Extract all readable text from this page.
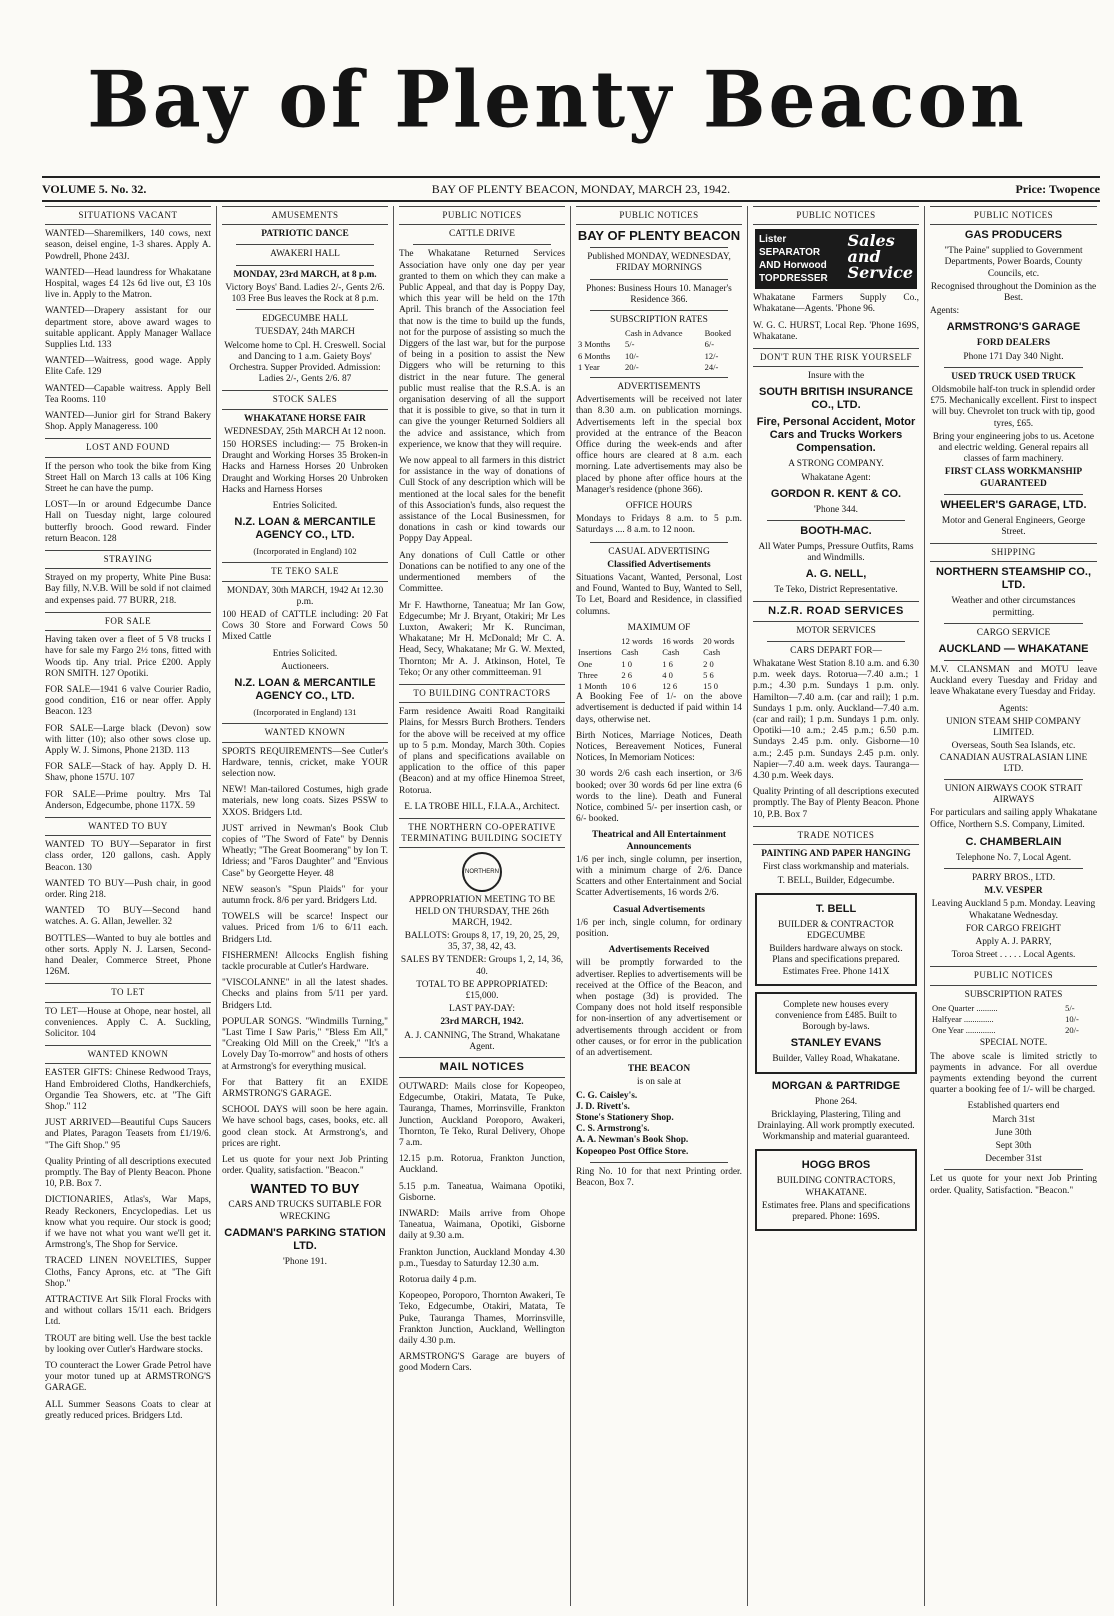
Bay of Plenty Beacon
VOLUME 5. No. 32.	BAY OF PLENTY BEACON, MONDAY, MARCH 23, 1942.	Price: Twopence
SITUATIONS VACANT

WANTED—Sharemilkers, 140 cows, next season, deisel engine, 1-3 shares. Apply A. Powdrell, Phone 243J.

WANTED—Head laundress for Whakatane Hospital, wages £4 12s 6d live out, £3 10s live in. Apply to the Matron.

WANTED—Drapery assistant for our department store, above award wages to suitable applicant. Apply Manager Wallace Supplies Ltd. 133

WANTED—Waitress, good wage. Apply Elite Cafe. 129

WANTED—Capable waitress. Apply Bell Tea Rooms. 110

WANTED—Junior girl for Strand Bakery Shop. Apply Manageress. 100

LOST AND FOUND

If the person who took the bike from King Street Hall on March 13 calls at 106 King Street he can have the pump.

LOST—In or around Edgecumbe Dance Hall on Tuesday night, large coloured butterfly brooch. Good reward. Finder return Beacon. 128

STRAYING

Strayed on my property, White Pine Busa: Bay filly, N.V.B. Will be sold if not claimed and expenses paid. 77 BURR, 218.

FOR SALE

Having taken over a fleet of 5 V8 trucks I have for sale my Fargo 2½ tons, fitted with Woods tip. Any trial. Price £200. Apply RON SMITH. 127 Opotiki.

FOR SALE—1941 6 valve Courier Radio, good condition, £16 or near offer. Apply Beacon. 123

FOR SALE—Large black (Devon) sow with litter (10); also other sows close up. Apply W. J. Simons, Phone 213D. 113

FOR SALE—Stack of hay. Apply D. H. Shaw, phone 157U. 107

FOR SALE—Prime poultry. Mrs Tal Anderson, Edgecumbe, phone 117X. 59

WANTED TO BUY

WANTED TO BUY—Separator in first class order, 120 gallons, cash. Apply Beacon. 130

WANTED TO BUY—Push chair, in good order. Ring 218.

WANTED TO BUY—Second hand watches. A. G. Allan, Jeweller. 32

BOTTLES—Wanted to buy ale bottles and other sorts. Apply N. J. Larsen, Second-hand Dealer, Commerce Street, Phone 126M.

TO LET

TO LET—House at Ohope, near hostel, all conveniences. Apply C. A. Suckling, Solicitor. 104

WANTED KNOWN

EASTER GIFTS: Chinese Redwood Trays, Hand Embroidered Cloths, Handkerchiefs, Organdie Tea Showers, etc. at "The Gift Shop." 112

JUST ARRIVED—Beautiful Cups Saucers and Plates, Paragon Teasets from £1/19/6. "The Gift Shop." 95

Quality Printing of all descriptions executed promptly. The Bay of Plenty Beacon. Phone 10, P.B. Box 7.

DICTIONARIES, Atlas's, War Maps, Ready Reckoners, Encyclopedias. Let us know what you require. Our stock is good; if we have not what you want we'll get it. Armstrong's, The Shop for Service.

TRACED LINEN NOVELTIES, Supper Cloths, Fancy Aprons, etc. at "The Gift Shop."

ATTRACTIVE Art Silk Floral Frocks with and without collars 15/11 each. Bridgers Ltd.

TROUT are biting well. Use the best tackle by looking over Cutler's Hardware stocks.

TO counteract the Lower Grade Petrol have your motor tuned up at ARMSTRONG'S GARAGE.

ALL Summer Seasons Coats to clear at greatly reduced prices. Bridgers Ltd.

AMUSEMENTS
PATRIOTIC DANCE
AWAKERI HALL
MONDAY, 23rd MARCH, at 8 p.m.
Victory Boys' Band. Ladies 2/-, Gents 2/6. 103 Free Bus leaves the Rock at 8 p.m.
EDGECUMBE HALL
TUESDAY, 24th MARCH
Welcome home to Cpl. H. Creswell. Social and Dancing to 1 a.m. Gaiety Boys' Orchestra. Supper Provided. Admission: Ladies 2/-, Gents 2/6. 87
STOCK SALES
WHAKATANE HORSE FAIR
WEDNESDAY, 25th MARCH At 12 noon.

150 HORSES including:— 75 Broken-in Draught and Working Horses 35 Broken-in Hacks and Harness Horses 20 Unbroken Draught and Working Horses 20 Unbroken Hacks and Harness Horses

Entries Solicited.
N.Z. LOAN & MERCANTILE AGENCY CO., LTD.
(Incorporated in England) 102
TE TEKO SALE
MONDAY, 30th MARCH, 1942 At 12.30 p.m.

100 HEAD of CATTLE including: 20 Fat Cows 30 Store and Forward Cows 50 Mixed Cattle

Entries Solicited.
Auctioneers.
N.Z. LOAN & MERCANTILE AGENCY CO., LTD.
(Incorporated in England) 131
WANTED KNOWN

SPORTS REQUIREMENTS—See Cutler's Hardware, tennis, cricket, make YOUR selection now.

NEW! Man-tailored Costumes, high grade materials, new long coats. Sizes PSSW to XXOS. Bridgers Ltd.

JUST arrived in Newman's Book Club copies of "The Sword of Fate" by Dennis Wheatly; "The Great Boomerang" by Ion T. Idriess; and "Faros Daughter" and "Envious Case" by Georgette Heyer. 48

NEW season's "Spun Plaids" for your autumn frock. 8/6 per yard. Bridgers Ltd.

TOWELS will be scarce! Inspect our values. Priced from 1/6 to 6/11 each. Bridgers Ltd.

FISHERMEN! Allcocks English fishing tackle procurable at Cutler's Hardware.

"VISCOLANNE" in all the latest shades. Checks and plains from 5/11 per yard. Bridgers Ltd.

POPULAR SONGS. "Windmills Turning," "Last Time I Saw Paris," "Bless Em All," "Creaking Old Mill on the Creek," "It's a Lovely Day To-morrow" and hosts of others at Armstrong's for everything musical.

For that Battery fit an EXIDE ARMSTRONG'S GARAGE.

SCHOOL DAYS will soon be here again. We have school bags, cases, books, etc. all good clean stock. At Armstrong's, and prices are right.

Let us quote for your next Job Printing order. Quality, satisfaction. "Beacon."

WANTED TO BUY
CARS AND TRUCKS SUITABLE FOR WRECKING
CADMAN'S PARKING STATION LTD.
'Phone 191.
PUBLIC NOTICES
CATTLE DRIVE

The Whakatane Returned Services Association have only one day per year granted to them on which they can make a Public Appeal, and that day is Poppy Day, which this year will be held on the 17th April. This branch of the Association feel that now is the time to build up the funds, not for the purpose of assisting so much the Diggers of the last war, but for the purpose of being in a position to assist the New Diggers who will be returning to this district in the near future. The general public must realise that the R.S.A. is an organisation deserving of all the support that it is possible to give, so that in turn it can give the younger Returned Soldiers all the advice and assistance, which from experience, we know that they will require.

We now appeal to all farmers in this district for assistance in the way of donations of Cull Stock of any description which will be mentioned at the local sales for the benefit of this Association's funds, also request the assistance of the Local Businessmen, for donations in cash or kind towards our Poppy Day Appeal.

Any donations of Cull Cattle or other Donations can be notified to any one of the undermentioned members of the Committee.

Mr F. Hawthorne, Taneatua; Mr Ian Gow, Edgecumbe; Mr J. Bryant, Otakiri; Mr Les Luxton, Awakeri; Mr K. Runciman, Whakatane; Mr H. McDonald; Mr C. A. Head, Secy, Whakatane; Mr G. W. Mexted, Thornton; Mr A. J. Atkinson, Hotel, Te Teko; Or any other committeeman. 91

TO BUILDING CONTRACTORS

Farm residence Awaiti Road Rangitaiki Plains, for Messrs Burch Brothers. Tenders for the above will be received at my office up to 5 p.m. Monday, March 30th. Copies of plans and specifications available on application to the office of this paper (Beacon) and at my office Hinemoa Street, Rotorua.

E. LA TROBE HILL, F.I.A.A., Architect.
THE NORTHERN CO-OPERATIVE TERMINATING BUILDING SOCIETY
NORTHERN
APPROPRIATION MEETING TO BE HELD ON THURSDAY, THE 26th MARCH, 1942.
BALLOTS: Groups 8, 17, 19, 20, 25, 29, 35, 37, 38, 42, 43.
SALES BY TENDER: Groups 1, 2, 14, 36, 40.
TOTAL TO BE APPROPRIATED: £15,000.
LAST PAY-DAY:
23rd MARCH, 1942.
A. J. CANNING, The Strand, Whakatane Agent.
MAIL NOTICES

OUTWARD: Mails close for Kopeopeo, Edgecumbe, Otakiri, Matata, Te Puke, Tauranga, Thames, Morrinsville, Frankton Junction, Auckland Poroporo, Awakeri, Thornton, Te Teko, Rural Delivery, Ohope 7 a.m.

12.15 p.m. Rotorua, Frankton Junction, Auckland.

5.15 p.m. Taneatua, Waimana Opotiki, Gisborne.

INWARD: Mails arrive from Ohope Taneatua, Waimana, Opotiki, Gisborne daily at 9.30 a.m.

Frankton Junction, Auckland Monday 4.30 p.m., Tuesday to Saturday 12.30 a.m.

Rotorua daily 4 p.m.

Kopeopeo, Poroporo, Thornton Awakeri, Te Teko, Edgecumbe, Otakiri, Matata, Te Puke, Tauranga Thames, Morrinsville, Frankton Junction, Auckland, Wellington daily 4.30 p.m.

ARMSTRONG'S Garage are buyers of good Modern Cars.

PUBLIC NOTICES
BAY OF PLENTY BEACON
Published MONDAY, WEDNESDAY, FRIDAY MORNINGS
Phones: Business Hours 10. Manager's Residence 366.
SUBSCRIPTION RATES
	Cash in Advance	Booked
3 Months	5/-	6/-
6 Months	10/-	12/-
1 Year	20/-	24/-
ADVERTISEMENTS

Advertisements will be received not later than 8.30 a.m. on publication mornings. Advertisements left in the special box provided at the entrance of the Beacon Office during the week-ends and after office hours are cleared at 8 a.m. each morning. Late advertisements may also be placed by phone after office hours at the Manager's residence (phone 366).

OFFICE HOURS

Mondays to Fridays 8 a.m. to 5 p.m. Saturdays .... 8 a.m. to 12 noon.

CASUAL ADVERTISING
Classified Advertisements

Situations Vacant, Wanted, Personal, Lost and Found, Wanted to Buy, Wanted to Sell, To Let, Board and Residence, in classified columns.

MAXIMUM OF
	12 words	16 words	20 words
Insertions	Cash	Cash	Cash
One	1 0	1 6	2 0
Three	2 6	4 0	5 6
1 Month	10 6	12 6	15 0

A Booking Fee of 1/- on the above advertisement is deducted if paid within 14 days, otherwise net.

Birth Notices, Marriage Notices, Death Notices, Bereavement Notices, Funeral Notices, In Memoriam Notices:

30 words 2/6 cash each insertion, or 3/6 booked; over 30 words 6d per line extra (6 words to the line). Death and Funeral Notice, combined 5/- per insertion cash, or 6/- booked.

Theatrical and All Entertainment Announcements

1/6 per inch, single column, per insertion, with a minimum charge of 2/6. Dance Scatters and other Entertainment and Social Scatter Advertisements, 16 words 2/6.

Casual Advertisements

1/6 per inch, single column, for ordinary position.

Advertisements Received

will be promptly forwarded to the advertiser. Replies to advertisements will be received at the Office of the Beacon, and when postage (3d) is provided. The Company does not hold itself responsible for non-insertion of any advertisement or advertisements through accident or from other causes, or for error in the publication of an advertisement.

THE BEACON
is on sale at
C. G. Caisley's.
J. D. Rivett's.
Stone's Stationery Shop.
C. S. Armstrong's.
A. A. Newman's Book Shop.
Kopeopeo Post Office Store.

Ring No. 10 for that next Printing order. Beacon, Box 7.

PUBLIC NOTICES
Lister SEPARATOR AND Horwood TOPDRESSER
Sales and Service

Whakatane Farmers Supply Co., Whakatane—Agents. 'Phone 96.

W. G. C. HURST, Local Rep. 'Phone 169S, Whakatane.

DON'T RUN THE RISK YOURSELF
Insure with the
SOUTH BRITISH INSURANCE CO., LTD.
Fire, Personal Accident, Motor Cars and Trucks Workers Compensation.
A STRONG COMPANY.
Whakatane Agent:
GORDON R. KENT & CO.
'Phone 344.
BOOTH-MAC.
All Water Pumps, Pressure Outfits, Rams and Windmills.
A. G. NELL,
Te Teko, District Representative.
N.Z.R. ROAD SERVICES
MOTOR SERVICES
CARS DEPART FOR—

Whakatane West Station 8.10 a.m. and 6.30 p.m. week days. Rotorua—7.40 a.m.; 1 p.m.; 4.30 p.m. Sundays 1 p.m. only. Hamilton—7.40 a.m. (car and rail); 1 p.m. Sundays 1 p.m. only. Auckland—7.40 a.m. (car and rail); 1 p.m. Sundays 1 p.m. only. Opotiki—10 a.m.; 2.45 p.m.; 6.50 p.m. Sundays 2.45 p.m. only. Gisborne—10 a.m.; 2.45 p.m. Sundays 2.45 p.m. only. Napier—7.40 a.m. week days. Tauranga—4.30 p.m. Week days.

Quality Printing of all descriptions executed promptly. The Bay of Plenty Beacon. Phone 10, P.B. Box 7

TRADE NOTICES
PAINTING AND PAPER HANGING
First class workmanship and materials.
T. BELL, Builder, Edgecumbe.
T. BELL
BUILDER & CONTRACTOR EDGECUMBE
Builders hardware always on stock. Plans and specifications prepared. Estimates Free. Phone 141X
Complete new houses every convenience from £485. Built to Borough by-laws.
STANLEY EVANS
Builder, Valley Road, Whakatane.
MORGAN & PARTRIDGE
Phone 264.
Bricklaying, Plastering, Tiling and Drainlaying. All work promptly executed. Workmanship and material guaranteed.
HOGG BROS
BUILDING CONTRACTORS, WHAKATANE.
Estimates free. Plans and specifications prepared. Phone: 169S.
PUBLIC NOTICES
GAS PRODUCERS
"The Paine" supplied to Government Departments, Power Boards, County Councils, etc.
Recognised throughout the Dominion as the Best.
Agents:
ARMSTRONG'S GARAGE
FORD DEALERS
Phone 171 Day 340 Night.
USED TRUCK USED TRUCK
Oldsmobile half-ton truck in splendid order £75. Mechanically excellent. First to inspect will buy. Chevrolet ton truck with tip, good tyres, £65.
Bring your engineering jobs to us. Acetone and electric welding. General repairs all classes of farm machinery.
FIRST CLASS WORKMANSHIP GUARANTEED
WHEELER'S GARAGE, LTD.
Motor and General Engineers, George Street.
SHIPPING
NORTHERN STEAMSHIP CO., LTD.
Weather and other circumstances permitting.
CARGO SERVICE
AUCKLAND — WHAKATANE

M.V. CLANSMAN and MOTU leave Auckland every Tuesday and Friday and leave Whakatane every Tuesday and Friday.

Agents:
UNION STEAM SHIP COMPANY LIMITED.
Overseas, South Sea Islands, etc. CANADIAN AUSTRALASIAN LINE LTD.
UNION AIRWAYS COOK STRAIT AIRWAYS

For particulars and sailing apply Whakatane Office, Northern S.S. Company, Limited.

C. CHAMBERLAIN
Telephone No. 7, Local Agent.
PARRY BROS., LTD.
M.V. VESPER
Leaving Auckland 5 p.m. Monday. Leaving Whakatane Wednesday.
FOR CARGO FREIGHT
Apply A. J. PARRY,
Toroa Street . . . . . Local Agents.
PUBLIC NOTICES
SUBSCRIPTION RATES
One Quarter ..........	5/-
Halfyear ..............	10/-
One Year ..............	20/-
SPECIAL NOTE.

The above scale is limited strictly to payments in advance. For all overdue payments extending beyond the current quarter a booking fee of 1/- will be charged.

Established quarters end
March 31st
June 30th
Sept 30th
December 31st

Let us quote for your next Job Printing order. Quality, Satisfaction. "Beacon."
